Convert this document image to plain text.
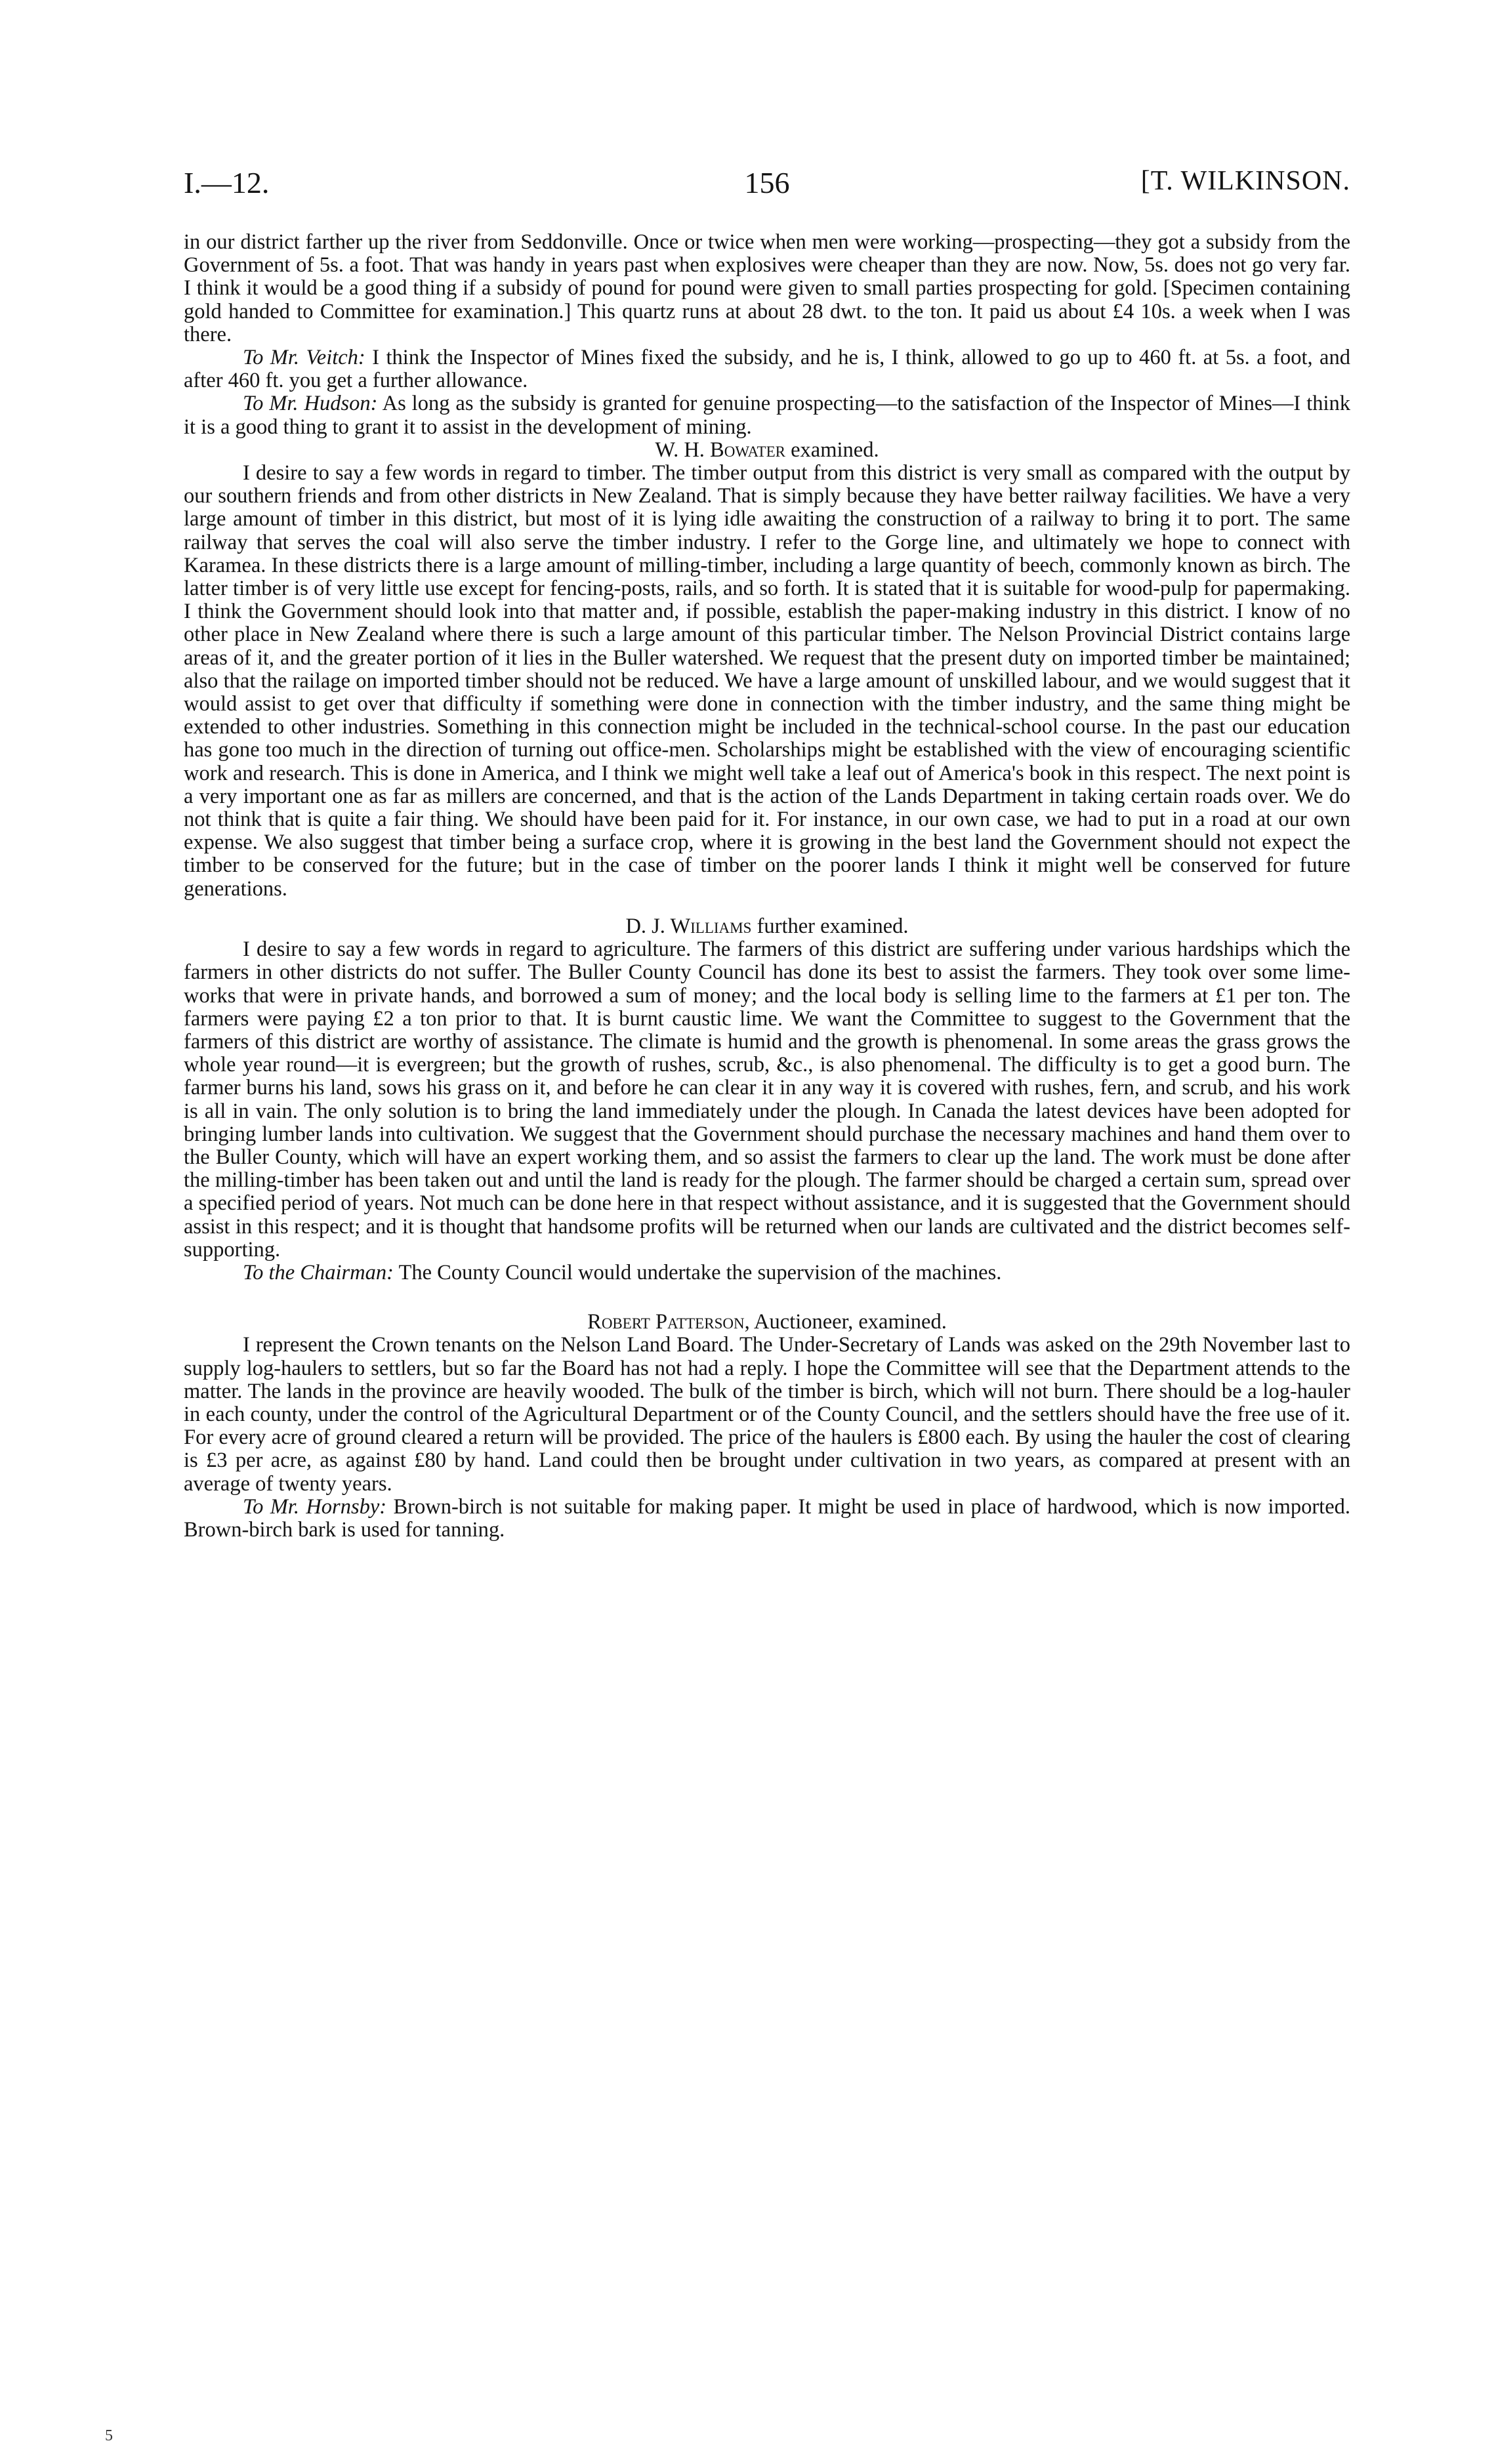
I.—12.	156	[T. WILKINSON.

in our district farther up the river from Seddonville. Once or twice when men were working—prospecting—they got a subsidy from the Government of 5s. a foot. That was handy in years past when explosives were cheaper than they are now. Now, 5s. does not go very far. I think it would be a good thing if a subsidy of pound for pound were given to small parties prospecting for gold. [Specimen containing gold handed to Committee for examination.] This quartz runs at about 28 dwt. to the ton. It paid us about £4 10s. a week when I was there.

To Mr. Veitch: I think the Inspector of Mines fixed the subsidy, and he is, I think, allowed to go up to 460 ft. at 5s. a foot, and after 460 ft. you get a further allowance.

To Mr. Hudson: As long as the subsidy is granted for genuine prospecting—to the satisfaction of the Inspector of Mines—I think it is a good thing to grant it to assist in the development of mining.

W. H. Bowater examined.

I desire to say a few words in regard to timber. The timber output from this district is very small as compared with the output by our southern friends and from other districts in New Zealand. That is simply because they have better railway facilities. We have a very large amount of timber in this district, but most of it is lying idle awaiting the construction of a railway to bring it to port. The same railway that serves the coal will also serve the timber industry. I refer to the Gorge line, and ultimately we hope to connect with Karamea. In these districts there is a large amount of milling-timber, including a large quantity of beech, commonly known as birch. The latter timber is of very little use except for fencing-posts, rails, and so forth. It is stated that it is suitable for wood-pulp for papermaking. I think the Government should look into that matter and, if possible, establish the paper-making industry in this district. I know of no other place in New Zealand where there is such a large amount of this particular timber. The Nelson Provincial District contains large areas of it, and the greater portion of it lies in the Buller watershed. We request that the present duty on imported timber be maintained; also that the railage on imported timber should not be reduced. We have a large amount of unskilled labour, and we would suggest that it would assist to get over that difficulty if something were done in connection with the timber industry, and the same thing might be extended to other industries. Something in this connection might be included in the technical-school course. In the past our education has gone too much in the direction of turning out office-men. Scholarships might be established with the view of encouraging scientific work and research. This is done in America, and I think we might well take a leaf out of America's book in this respect. The next point is a very important one as far as millers are concerned, and that is the action of the Lands Department in taking certain roads over. We do not think that is quite a fair thing. We should have been paid for it. For instance, in our own case, we had to put in a road at our own expense. We also suggest that timber being a surface crop, where it is growing in the best land the Government should not expect the timber to be conserved for the future; but in the case of timber on the poorer lands I think it might well be conserved for future generations.

D. J. Williams further examined.

I desire to say a few words in regard to agriculture. The farmers of this district are suffering under various hardships which the farmers in other districts do not suffer. The Buller County Council has done its best to assist the farmers. They took over some lime-works that were in private hands, and borrowed a sum of money; and the local body is selling lime to the farmers at £1 per ton. The farmers were paying £2 a ton prior to that. It is burnt caustic lime. We want the Committee to suggest to the Government that the farmers of this district are worthy of assistance. The climate is humid and the growth is phenomenal. In some areas the grass grows the whole year round—it is evergreen; but the growth of rushes, scrub, &c., is also phenomenal. The difficulty is to get a good burn. The farmer burns his land, sows his grass on it, and before he can clear it in any way it is covered with rushes, fern, and scrub, and his work is all in vain. The only solution is to bring the land immediately under the plough. In Canada the latest devices have been adopted for bringing lumber lands into cultivation. We suggest that the Government should purchase the necessary machines and hand them over to the Buller County, which will have an expert working them, and so assist the farmers to clear up the land. The work must be done after the milling-timber has been taken out and until the land is ready for the plough. The farmer should be charged a certain sum, spread over a specified period of years. Not much can be done here in that respect without assistance, and it is suggested that the Government should assist in this respect; and it is thought that handsome profits will be returned when our lands are cultivated and the district becomes self-supporting.

To the Chairman: The County Council would undertake the supervision of the machines.

Robert Patterson, Auctioneer, examined.

I represent the Crown tenants on the Nelson Land Board. The Under-Secretary of Lands was asked on the 29th November last to supply log-haulers to settlers, but so far the Board has not had a reply. I hope the Committee will see that the Department attends to the matter. The lands in the province are heavily wooded. The bulk of the timber is birch, which will not burn. There should be a log-hauler in each county, under the control of the Agricultural Department or of the County Council, and the settlers should have the free use of it. For every acre of ground cleared a return will be provided. The price of the haulers is £800 each. By using the hauler the cost of clearing is £3 per acre, as against £80 by hand. Land could then be brought under cultivation in two years, as compared at present with an average of twenty years.

To Mr. Hornsby: Brown-birch is not suitable for making paper. It might be used in place of hardwood, which is now imported. Brown-birch bark is used for tanning.

5
